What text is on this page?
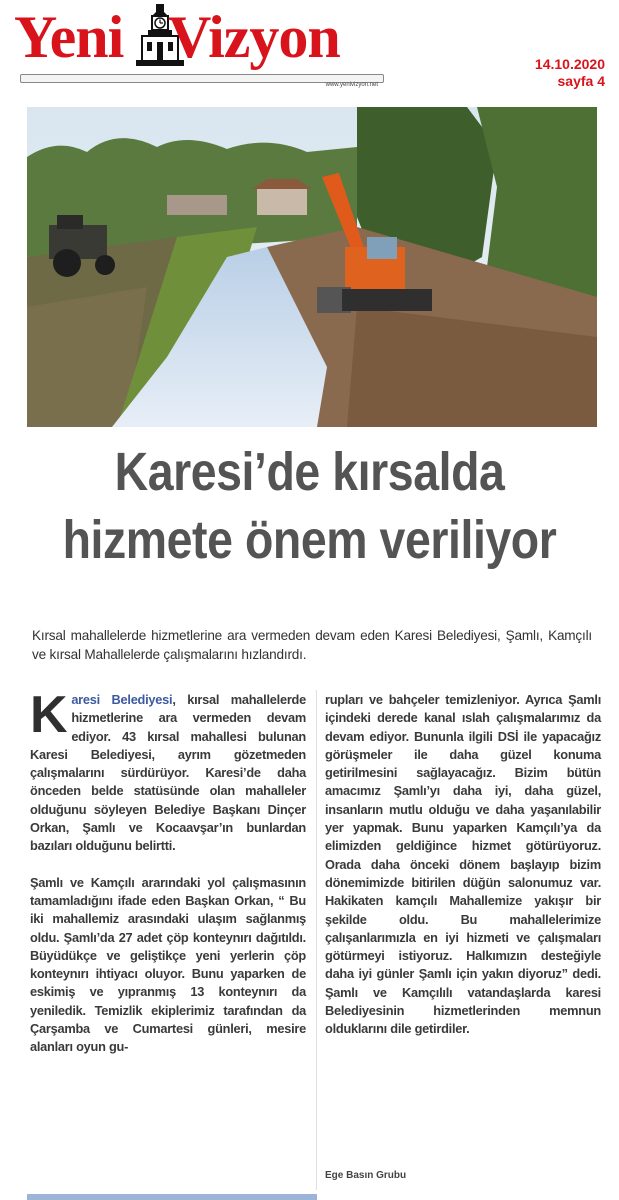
Yeni Vizyon
www.yenivizyon.net
14.10.2020
sayfa 4
Karesi’de kırsalda
hizmete önem veriliyor
Kırsal mahallelerde hizmetlerine ara vermeden devam eden Karesi Belediyesi, Şamlı, Kamçılı ve kırsal Mahallelerde çalışmalarını hızlandırdı.

Karesi Belediyesi, kırsal mahallelerde hizmetlerine ara vermeden devam ediyor. 43 kırsal mahallesi bulunan Karesi Belediyesi, ayrım gözetmeden çalışmalarını sürdürüyor. Karesi’de daha önceden belde statüsünde olan mahalleler olduğunu söyleyen Belediye Başkanı Dinçer Orkan, Şamlı ve Kocaavşar’ın bunlardan bazıları olduğunu belirtti.

Şamlı ve Kamçılı ararındaki yol çalışmasının tamamladığını ifade eden Başkan Orkan, “ Bu iki mahallemiz arasındaki ulaşım sağlanmış oldu. Şamlı’da 27 adet çöp konteynırı dağıtıldı. Büyüdükçe ve geliştikçe yeni yerlerin çöp konteynırı ihtiyacı oluyor. Bunu yaparken de eskimiş ve yıpranmış 13 konteynırı da yeniledik. Temizlik ekiplerimiz tarafından da Çarşamba ve Cumartesi günleri, mesire alanları oyun gu-

rupları ve bahçeler temizleniyor. Ayrıca Şamlı içindeki derede kanal ıslah çalışmalarımız da devam ediyor. Bununla ilgili DSİ ile yapacağız görüşmeler ile daha güzel konuma getirilmesini sağlayacağız. Bizim bütün amacımız Şamlı’yı daha iyi, daha güzel, insanların mutlu olduğu ve daha yaşanılabilir yer yapmak. Bunu yaparken Kamçılı’ya da elimizden geldiğince hizmet götürüyoruz. Orada daha önceki dönem başlayıp bizim dönemimizde bitirilen düğün salonumuz var. Hakikaten kamçılı Mahallemize yakışır bir şekilde oldu. Bu mahallelerimize çalışanlarımızla en iyi hizmeti ve çalışmaları götürmeyi istiyoruz. Halkımızın desteğiyle daha iyi günler Şamlı için yakın diyoruz” dedi. Şamlı ve Kamçılılı vatandaşlarda karesi Belediyesinin hizmetlerinden memnun olduklarını dile getirdiler.

Ege Basın Grubu
